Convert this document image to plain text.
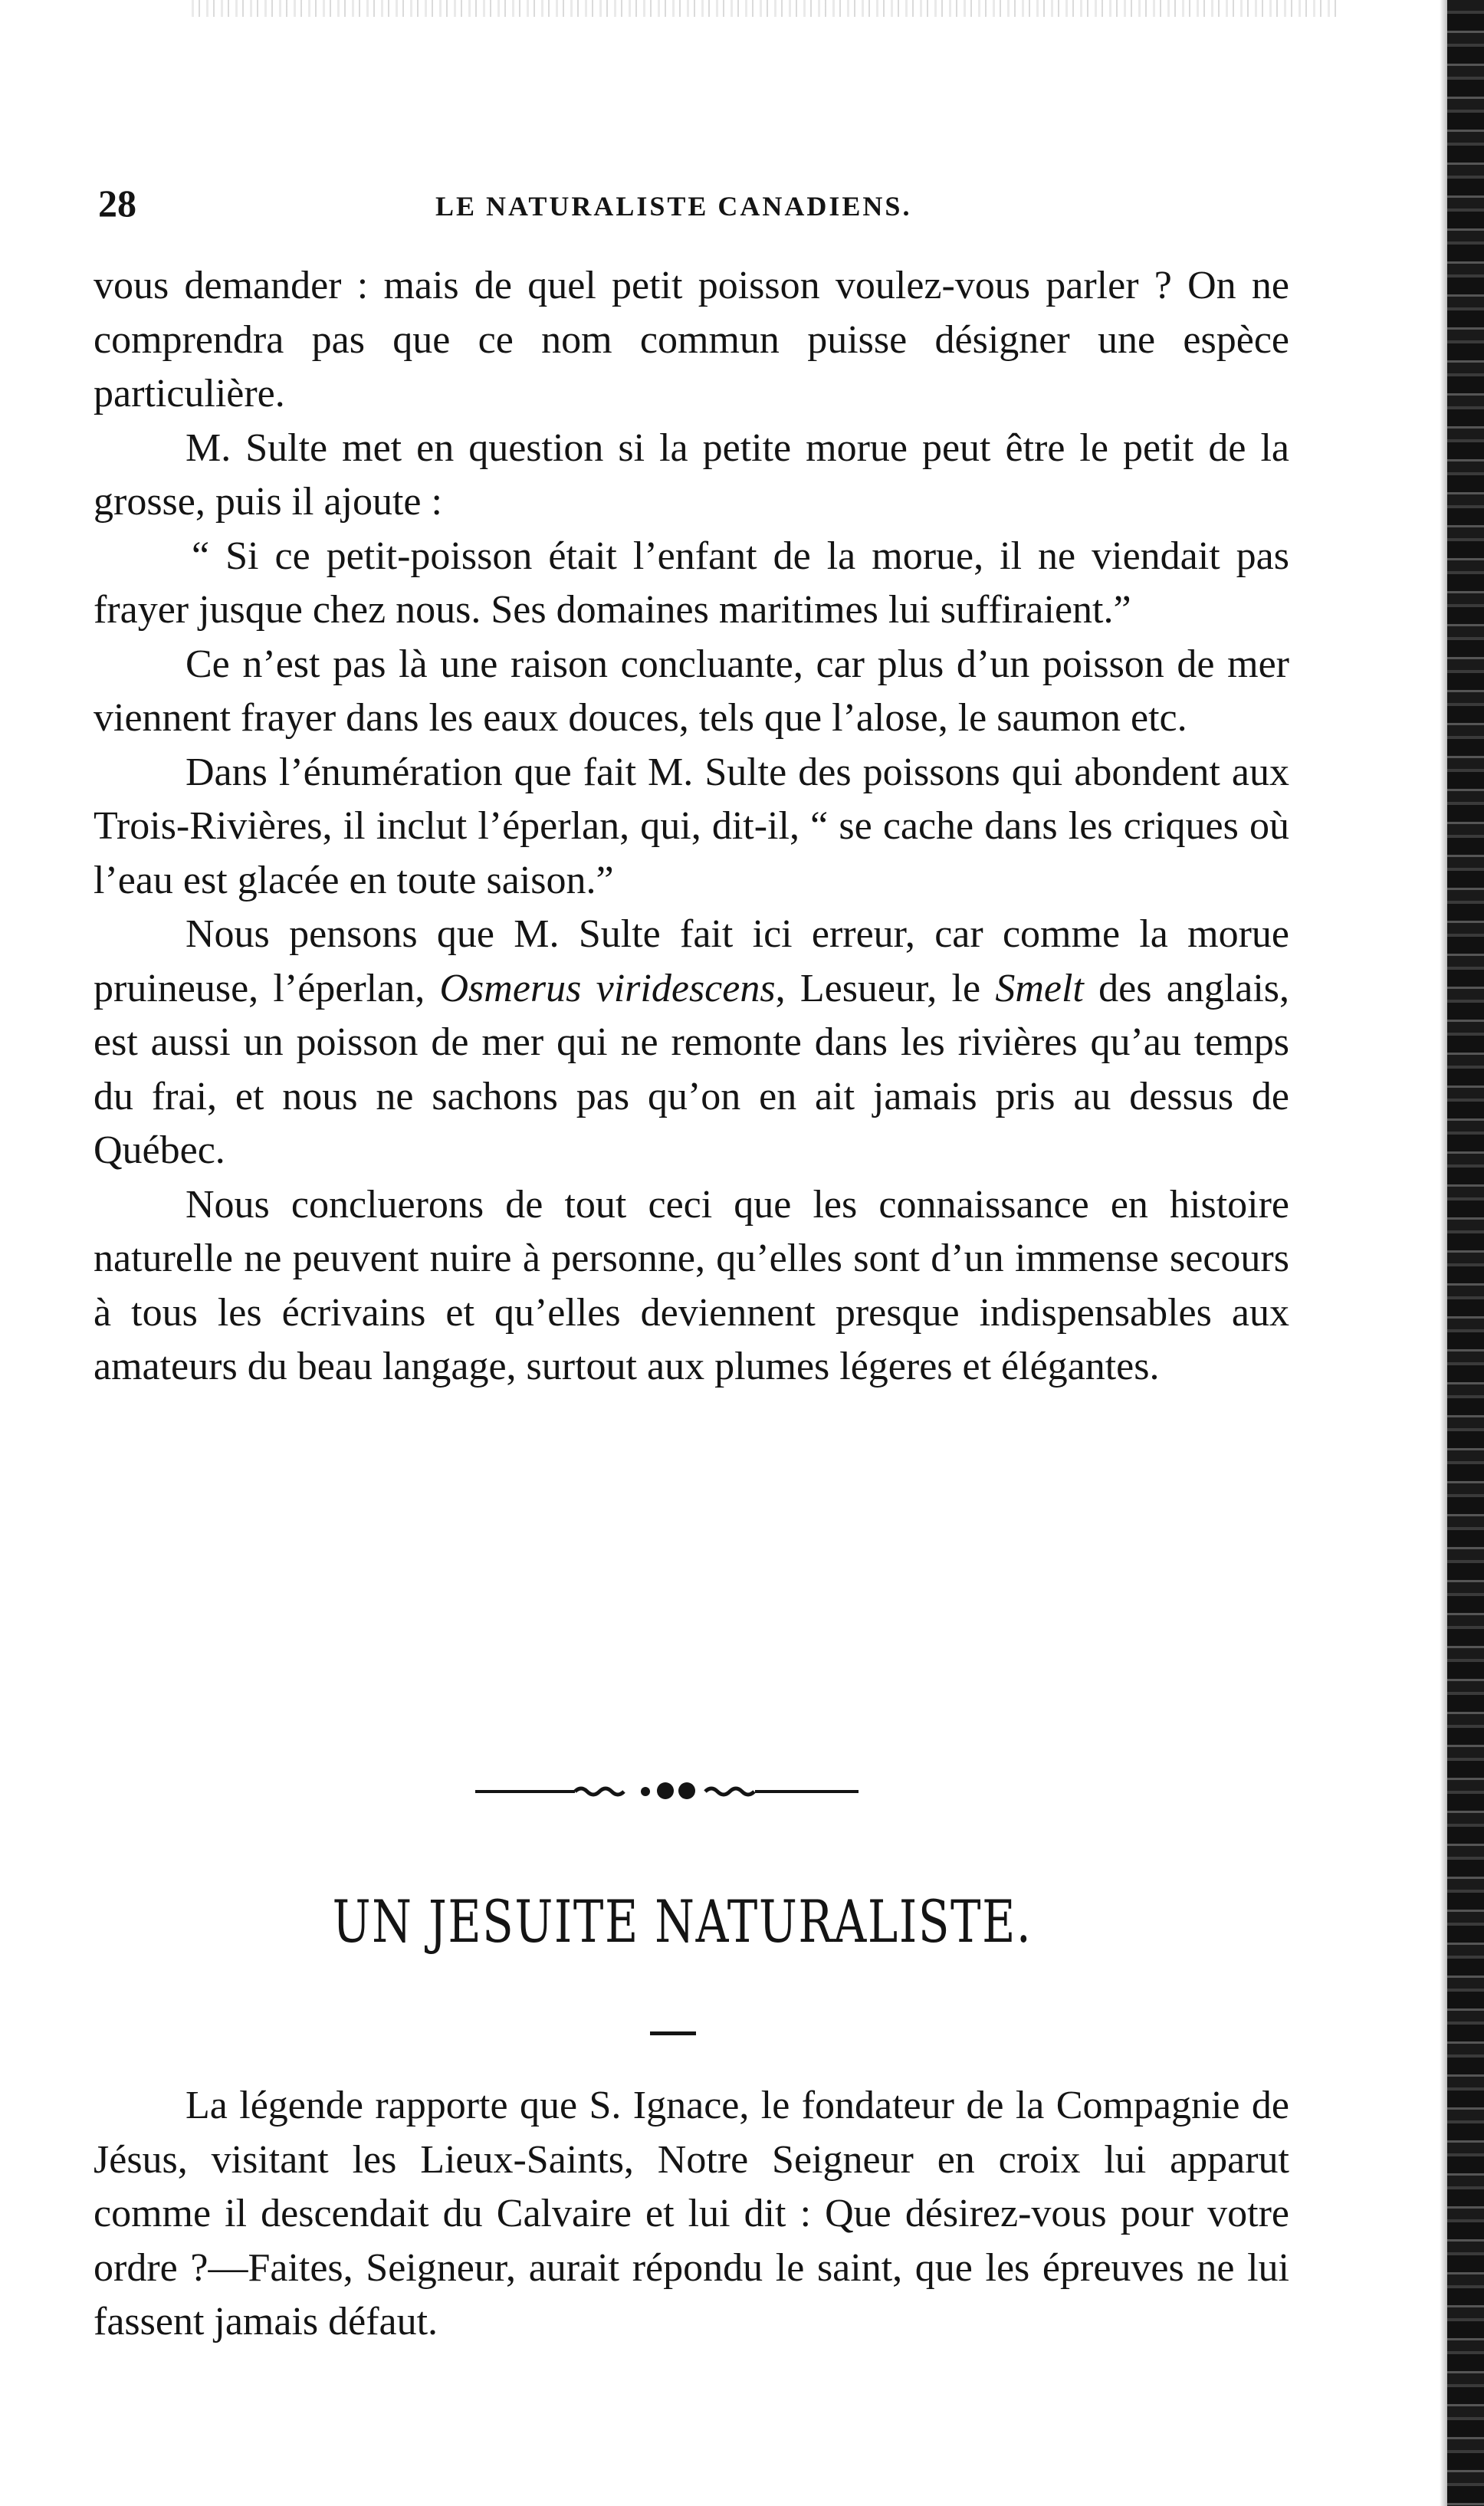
28	LE NATURALISTE CANADIENS.

vous demander : mais de quel petit poisson voulez-vous parler ? On ne comprendra pas que ce nom commun puisse désigner une espèce particulière.

M. Sulte met en question si la petite morue peut être le petit de la grosse, puis il ajoute :

“ Si ce petit-poisson était l’enfant de la morue, il ne viendait pas frayer jusque chez nous. Ses domaines maritimes lui suffiraient.”

Ce n’est pas là une raison concluante, car plus d’un poisson de mer viennent frayer dans les eaux douces, tels que l’alose, le saumon etc.

Dans l’énumération que fait M. Sulte des poissons qui abondent aux Trois-Rivières, il inclut l’éperlan, qui, dit-il, “ se cache dans les criques où l’eau est glacée en toute saison.”

Nous pensons que M. Sulte fait ici erreur, car comme la morue pruineuse, l’éperlan, Osmerus viridescens, Lesueur, le Smelt des anglais, est aussi un poisson de mer qui ne remonte dans les rivières qu’au temps du frai, et nous ne sachons pas qu’on en ait jamais pris au dessus de Québec.

Nous concluerons de tout ceci que les connaissance en histoire naturelle ne peuvent nuire à personne, qu’elles sont d’un immense secours à tous les écrivains et qu’elles deviennent presque indispensables aux amateurs du beau langage, surtout aux plumes légeres et élégantes.

UN JESUITE NATURALISTE.

La légende rapporte que S. Ignace, le fondateur de la Compagnie de Jésus, visitant les Lieux-Saints, Notre Seigneur en croix lui apparut comme il descendait du Calvaire et lui dit : Que désirez-vous pour votre ordre ?—Faites, Seigneur, aurait répondu le saint, que les épreuves ne lui fassent jamais défaut.
